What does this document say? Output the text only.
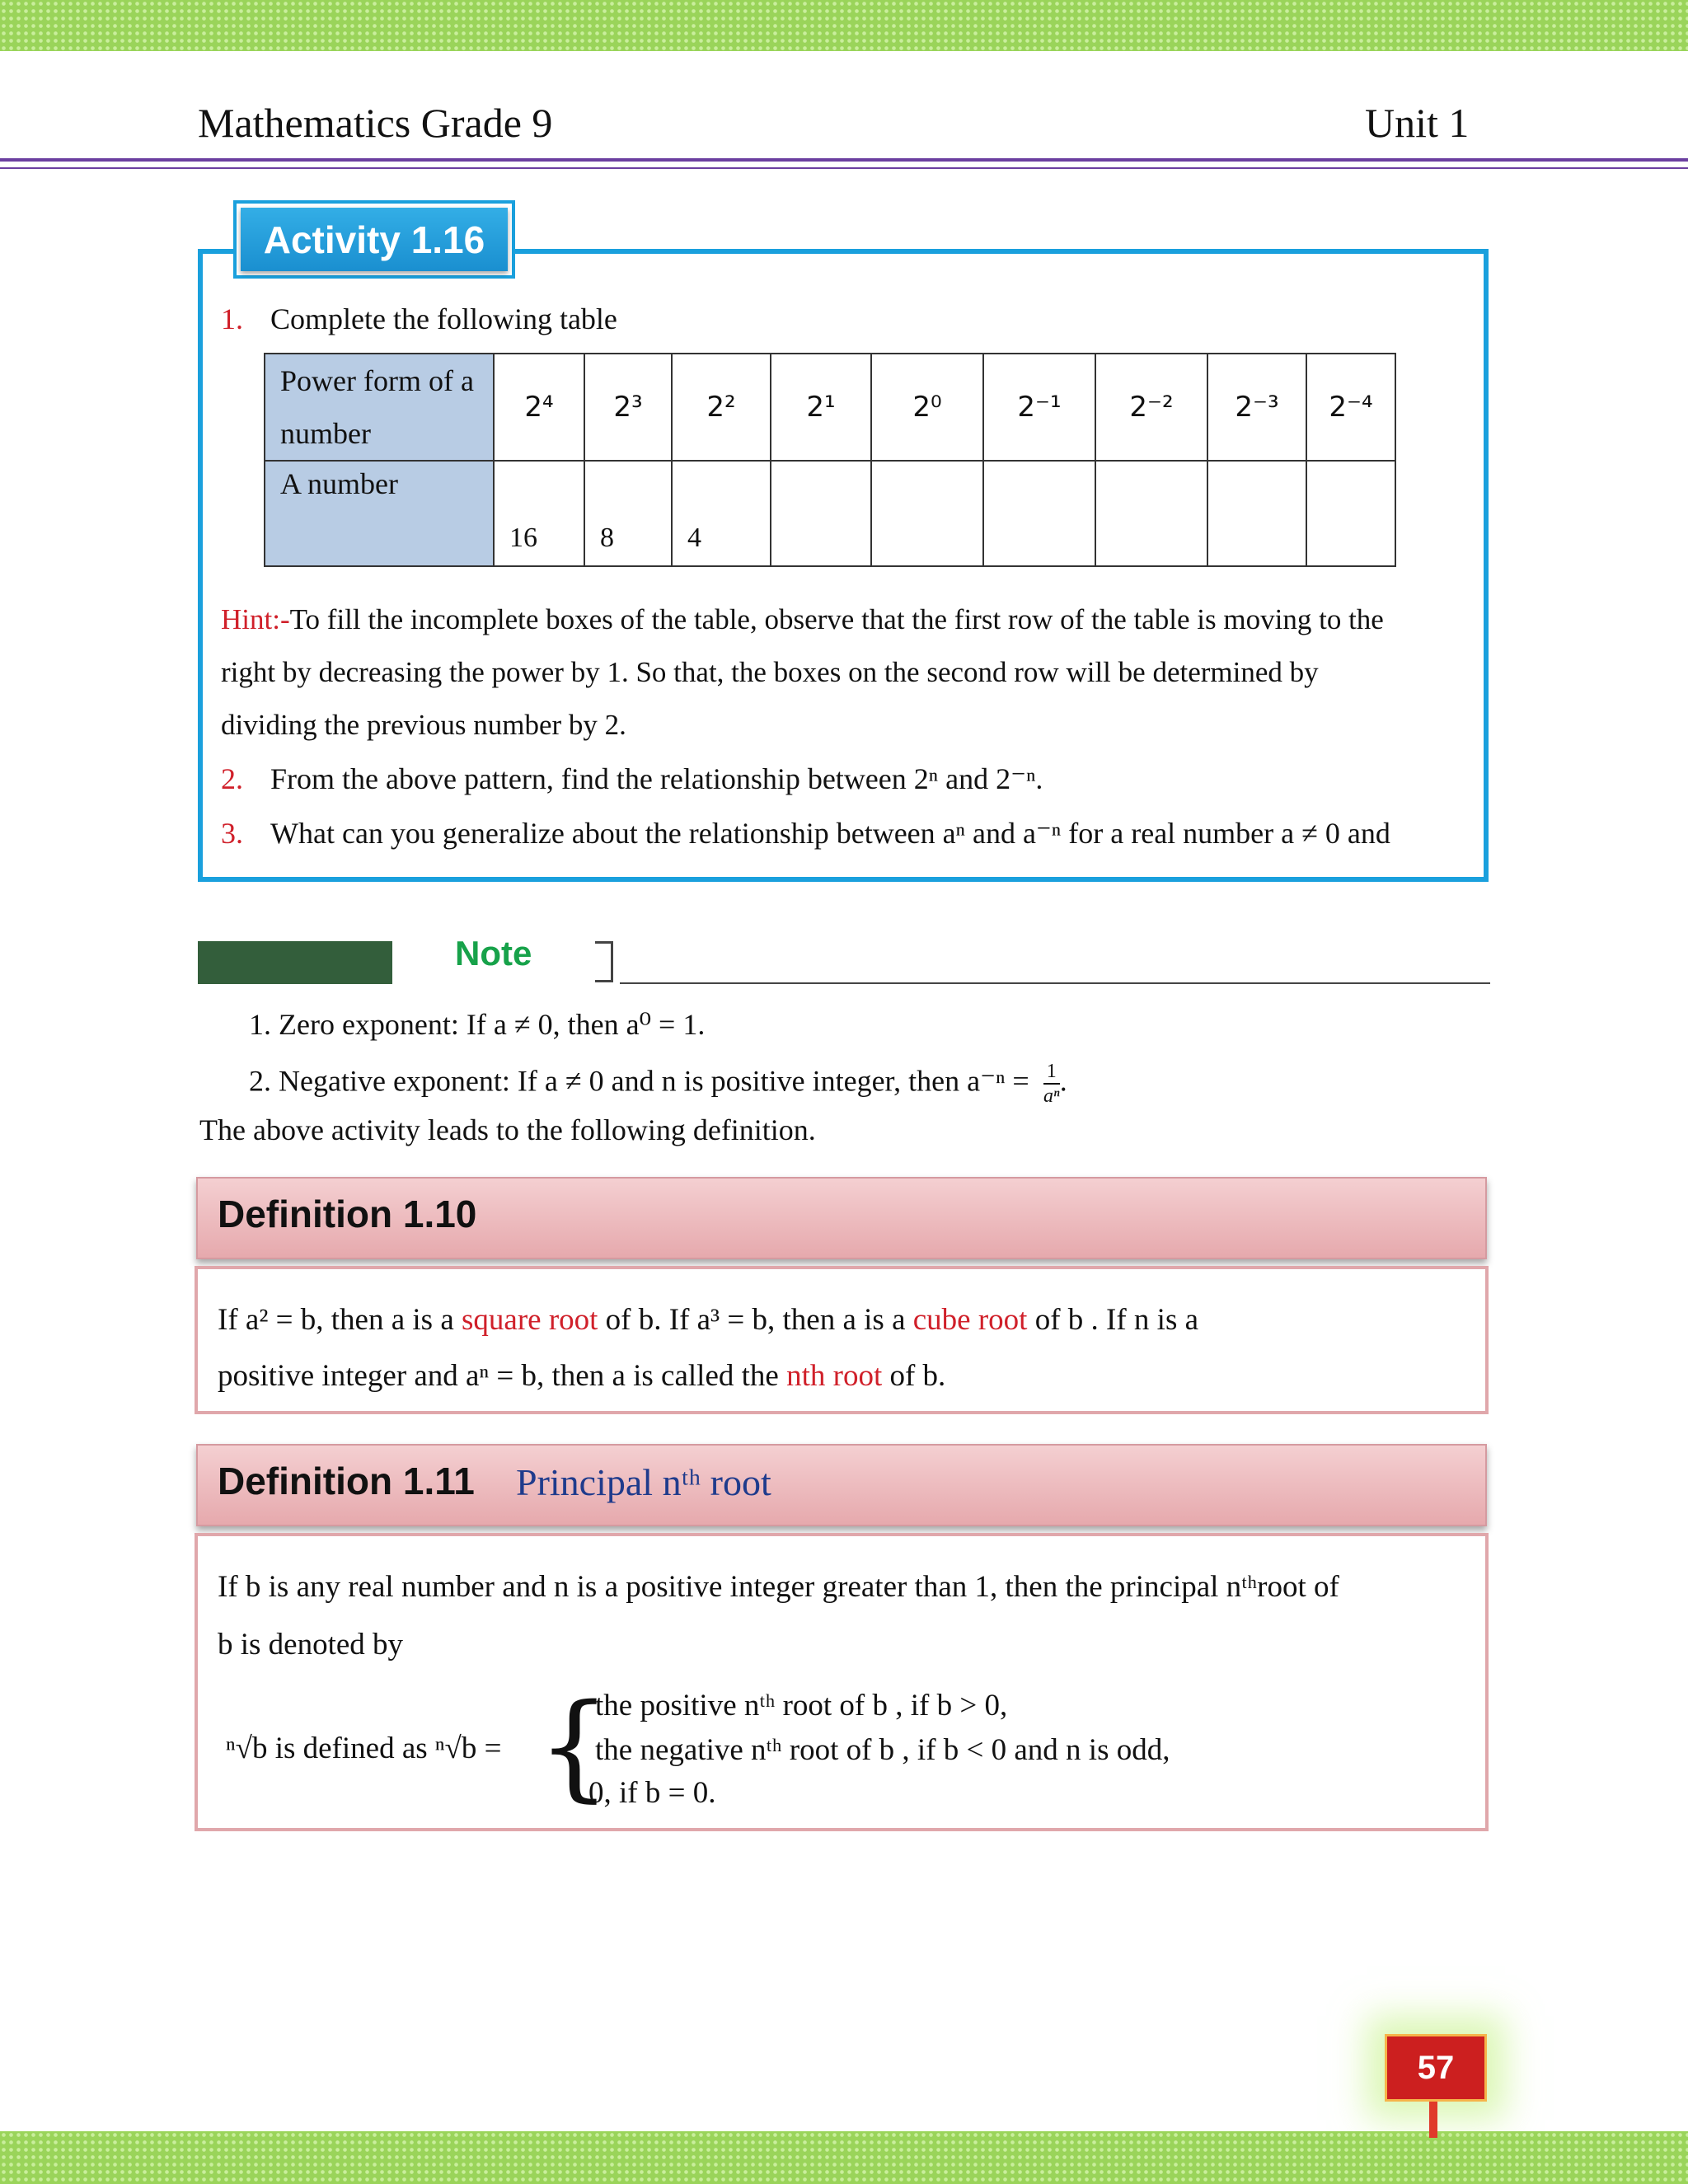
Mathematics Grade 9	Unit 1
Activity 1.16
1. Complete the following table
Power form of a
number	2⁴	2³	2²	2¹	2⁰	2⁻¹	2⁻²	2⁻³	2⁻⁴

A number	16	8	4						
Hint:-To fill the incomplete boxes of the table, observe that the first row of the table is moving to the
right by decreasing the power by 1. So that, the boxes on the second row will be determined by
dividing the previous number by 2.
2. From the above pattern, find the relationship between 2ⁿ and 2⁻ⁿ.
3. What can you generalize about the relationship between aⁿ and a⁻ⁿ for a real number a ≠ 0 and
Note
1. Zero exponent: If a ≠ 0, then a⁰ = 1.
2. Negative exponent: If a ≠ 0 and n is positive integer, then $a^{-n} = \frac{1}{\text{aⁿ}}$ .
The above activity leads to the following definition.
Definition 1.10
If a² = b, then a is a square root of b. If a³ = b, then a is a cube root of b . If n is a
positive integer and aⁿ = b, then a is called the nth root of b.
Definition 1.11 Principal nᵗʰ root
If b is any real number and n is a positive integer greater than 1, then the principal nᵗʰroot of
b is denoted by
ⁿ√b is defined as ⁿ√b = {
the positive nᵗʰ root of b , if b > 0,
the negative nᵗʰ root of b , if b < 0 and n is odd,
0, if b = 0.
57
